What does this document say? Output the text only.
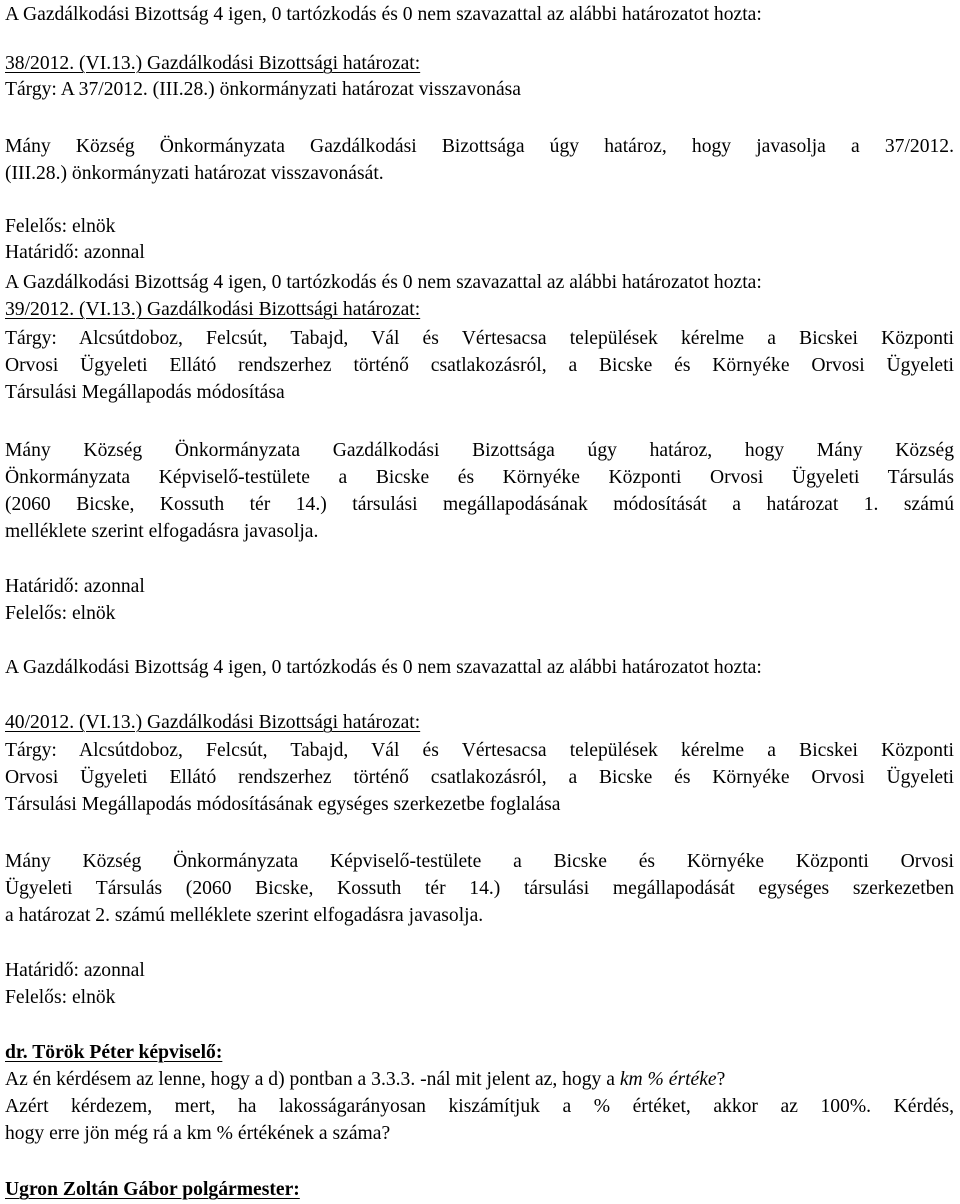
A Gazdálkodási Bizottság 4 igen, 0 tartózkodás és 0 nem szavazattal az alábbi határozatot hozta:
38/2012. (VI.13.) Gazdálkodási Bizottsági határozat:
Tárgy: A 37/2012. (III.28.) önkormányzati határozat visszavonása
Mány Község Önkormányzata Gazdálkodási Bizottsága úgy határoz, hogy javasolja a 37/2012.
(III.28.) önkormányzati határozat visszavonását.
Felelős: elnök
Határidő: azonnal
A Gazdálkodási Bizottság 4 igen, 0 tartózkodás és 0 nem szavazattal az alábbi határozatot hozta:
39/2012. (VI.13.) Gazdálkodási Bizottsági határozat:
Tárgy: Alcsútdoboz, Felcsút, Tabajd, Vál és Vértesacsa települések kérelme a Bicskei Központi
Orvosi Ügyeleti Ellátó rendszerhez történő csatlakozásról, a Bicske és Környéke Orvosi Ügyeleti
Társulási Megállapodás módosítása
Mány Község Önkormányzata Gazdálkodási Bizottsága úgy határoz, hogy Mány Község
Önkormányzata Képviselő-testülete a Bicske és Környéke Központi Orvosi Ügyeleti Társulás
(2060 Bicske, Kossuth tér 14.) társulási megállapodásának módosítását a határozat 1. számú
melléklete szerint elfogadásra javasolja.
Határidő: azonnal
Felelős: elnök
A Gazdálkodási Bizottság 4 igen, 0 tartózkodás és 0 nem szavazattal az alábbi határozatot hozta:
40/2012. (VI.13.) Gazdálkodási Bizottsági határozat:
Tárgy: Alcsútdoboz, Felcsút, Tabajd, Vál és Vértesacsa települések kérelme a Bicskei Központi
Orvosi Ügyeleti Ellátó rendszerhez történő csatlakozásról, a Bicske és Környéke Orvosi Ügyeleti
Társulási Megállapodás módosításának egységes szerkezetbe foglalása
Mány Község Önkormányzata Képviselő-testülete a Bicske és Környéke Központi Orvosi
Ügyeleti Társulás (2060 Bicske, Kossuth tér 14.) társulási megállapodását egységes szerkezetben
a határozat 2. számú melléklete szerint elfogadásra javasolja.
Határidő: azonnal
Felelős: elnök
dr. Török Péter képviselő:
Az én kérdésem az lenne, hogy a d) pontban a 3.3.3. -nál mit jelent az, hogy a km % értéke?
Azért kérdezem, mert, ha lakosságarányosan kiszámítjuk a % értéket, akkor az 100%. Kérdés,
hogy erre jön még rá a km % értékének a száma?
Ugron Zoltán Gábor polgármester:
